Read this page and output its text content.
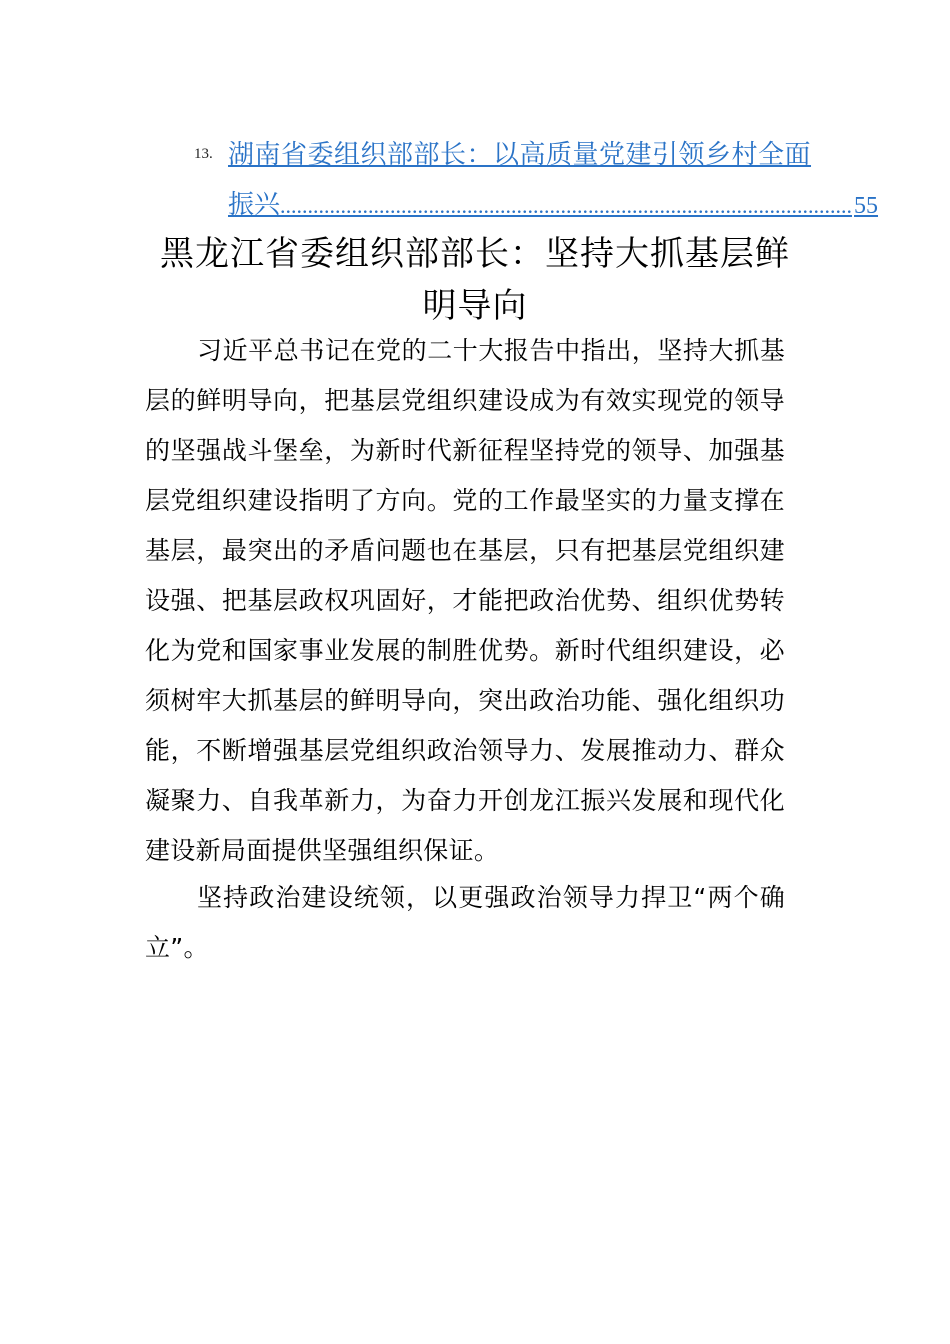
13. 湖南省委组织部部长：以高质量党建引领乡村全面
振兴 ........................................................................................................ 55
黑龙江省委组织部部长：坚持大抓基层鲜明导向

习近平总书记在党的二十大报告中指出，坚持大抓基层的鲜明导向，把基层党组织建设成为有效实现党的领导的坚强战斗堡垒，为新时代新征程坚持党的领导、加强基层党组织建设指明了方向。党的工作最坚实的力量支撑在基层，最突出的矛盾问题也在基层，只有把基层党组织建设强、把基层政权巩固好，才能把政治优势、组织优势转化为党和国家事业发展的制胜优势。新时代组织建设，必须树牢大抓基层的鲜明导向，突出政治功能、强化组织功能，不断增强基层党组织政治领导力、发展推动力、群众凝聚力、自我革新力，为奋力开创龙江振兴发展和现代化建设新局面提供坚强组织保证。

坚持政治建设统领，以更强政治领导力捍卫“两个确立”。
